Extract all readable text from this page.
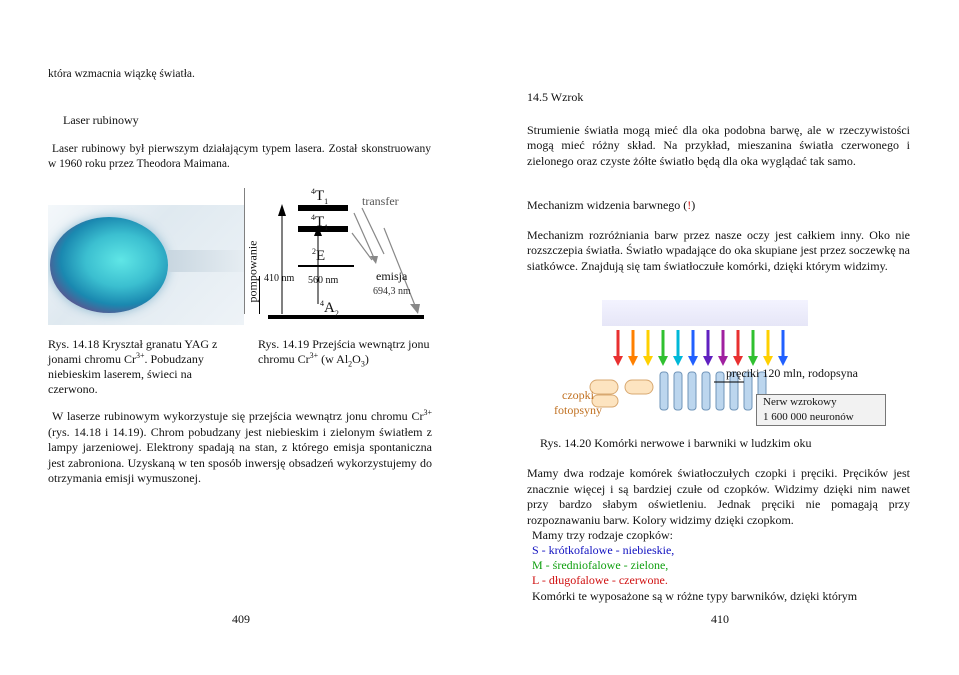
która wzmacnia wiązkę światła.

Laser rubinowy

Laser rubinowy był pierwszym działającym typem lasera. Został skonstruowany w 1960 roku przez Theodora Maimana.

pompowanie 410 nm
$^4T_1$
$^4T_1$
$^2$E
560 nm
$^4A_2$
transfer
emisja
694,3 nm

Rys. 14.18 Kryształ granatu YAG z jonami chromu $Cr^{3+}$. Pobudzany niebieskim laserem, świeci na czerwono.

Rys. 14.19 Przejścia wewnątrz jonu chromu $Cr^{3+}$ (w $Al_2O_3$)

W laserze rubinowym wykorzystuje się przejścia wewnątrz jonu chromu $Cr^{3+}$ (rys. 14.18 i 14.19). Chrom pobudzany jest niebieskim i zielonym światłem z lampy jarzeniowej. Elektrony spadają na stan, z którego emisja spontaniczna jest zabroniona. Uzyskaną w ten sposób inwersję obsadzeń wykorzystujemy do otrzymania emisji wymuszonej.

409
14.5 Wzrok

Strumienie światła mogą mieć dla oka podobna barwę, ale w rzeczywistości mogą mieć różny skład. Na przykład, mieszanina światła czerwonego i zielonego oraz czyste żółte światło będą dla oka wyglądać tak samo.

Mechanizm widzenia barwnego (!)

Mechanizm rozróżniania barw przez nasze oczy jest całkiem inny. Oko nie rozszczepia światła. Światło wpadające do oka skupiane jest przez soczewkę na siatkówce. Znajdują się tam światłoczułe komórki, dzięki którym widzimy.

pręciki 120 mln, rodopsyna
czopki
fotopsyny
Nerw wzrokowy
1 600 000 neuronów

Rys. 14.20 Komórki nerwowe i barwniki w ludzkim oku

Mamy dwa rodzaje komórek światłoczułych czopki i pręciki. Pręcików jest znacznie więcej i są bardziej czułe od czopków. Widzimy dzięki nim nawet przy bardzo słabym oświetleniu. Jednak pręciki nie pomagają przy rozpoznawaniu barw. Kolory widzimy dzięki czopkom.

Mamy trzy rodzaje czopków:

S - krótkofalowe - niebieskie,

M - średniofalowe - zielone,

L - długofalowe - czerwone.

Komórki te wyposażone są w różne typy barwników, dzięki którym

410
